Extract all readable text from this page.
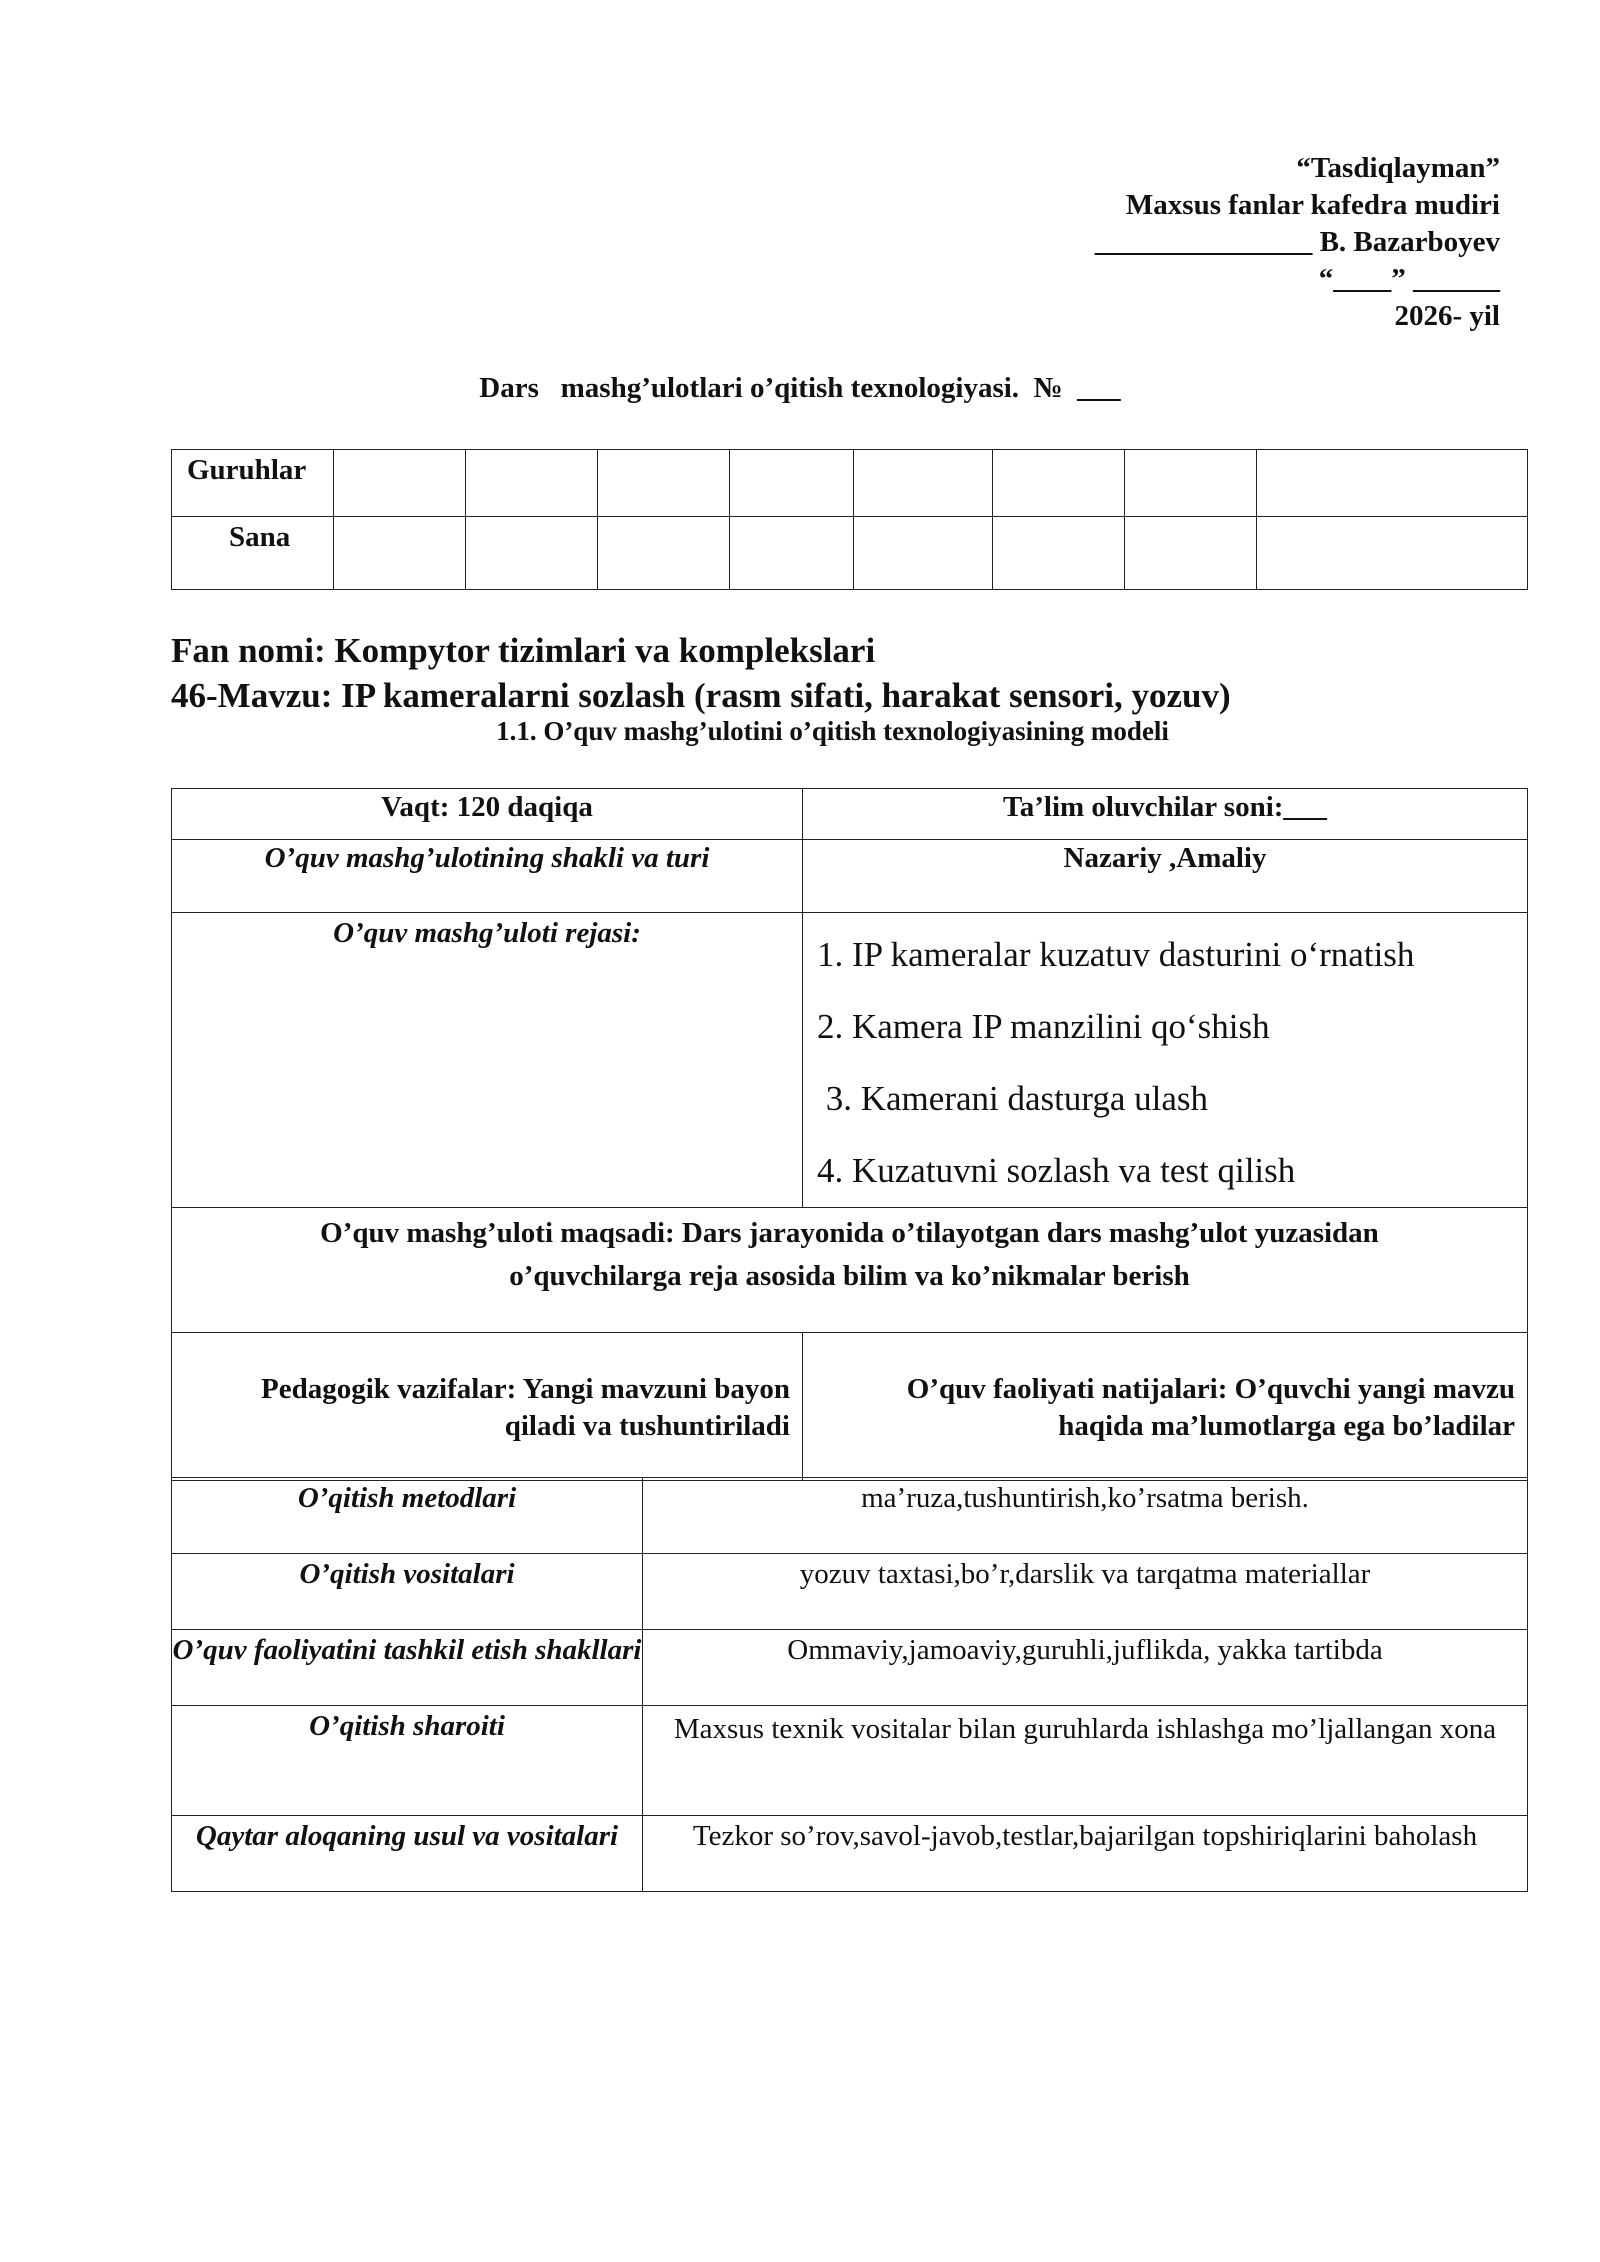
“Tasdiqlayman”
Maxsus fanlar kafedra mudiri
_______________ B. Bazarboyev
“____” ______
2026- yil
Dars   mashg’ulotlari o’qitish texnologiyasi.  №  ___
Guruhlar								
Sana								
Fan nomi: Kompytor tizimlari va komplekslari
46-Mavzu: IP kameralarni sozlash (rasm sifati, harakat sensori, yozuv)
1.1. O’quv mashg’ulotini o’qitish texnologiyasining modeli
Vaqt: 120 daqiqa	Ta’lim oluvchilar soni:___
O’quv mashg’ulotining shakli va turi	Nazariy ,Amaliy
O’quv mashg’uloti rejasi:	1. IP kameralar kuzatuv dasturini oʻrnatish
2. Kamera IP manzilini qoʻshish
3. Kamerani dasturga ulash
4. Kuzatuvni sozlash va test qilish

O’quv mashg’uloti maqsadi: Dars jarayonida o’tilayotgan dars mashg’ulot yuzasidan o’quvchilarga reja asosida bilim va ko’nikmalar berish	
Pedagogik vazifalar: Yangi mavzuni bayon qiladi va tushuntiriladi	O’quv faoliyati natijalari: O’quvchi yangi mavzu haqida ma’lumotlarga ega bo’ladilar
O’qitish metodlari	ma’ruza,tushuntirish,ko’rsatma berish.
O’qitish vositalari	yozuv taxtasi,bo’r,darslik va tarqatma materiallar
O’quv faoliyatini tashkil etish shakllari	Ommaviy,jamoaviy,guruhli,juflikda, yakka tartibda
O’qitish sharoiti	Maxsus texnik vositalar bilan guruhlarda ishlashga mo’ljallangan xona
Qaytar aloqaning usul va vositalari	Tezkor so’rov,savol-javob,testlar,bajarilgan topshiriqlarini baholash
